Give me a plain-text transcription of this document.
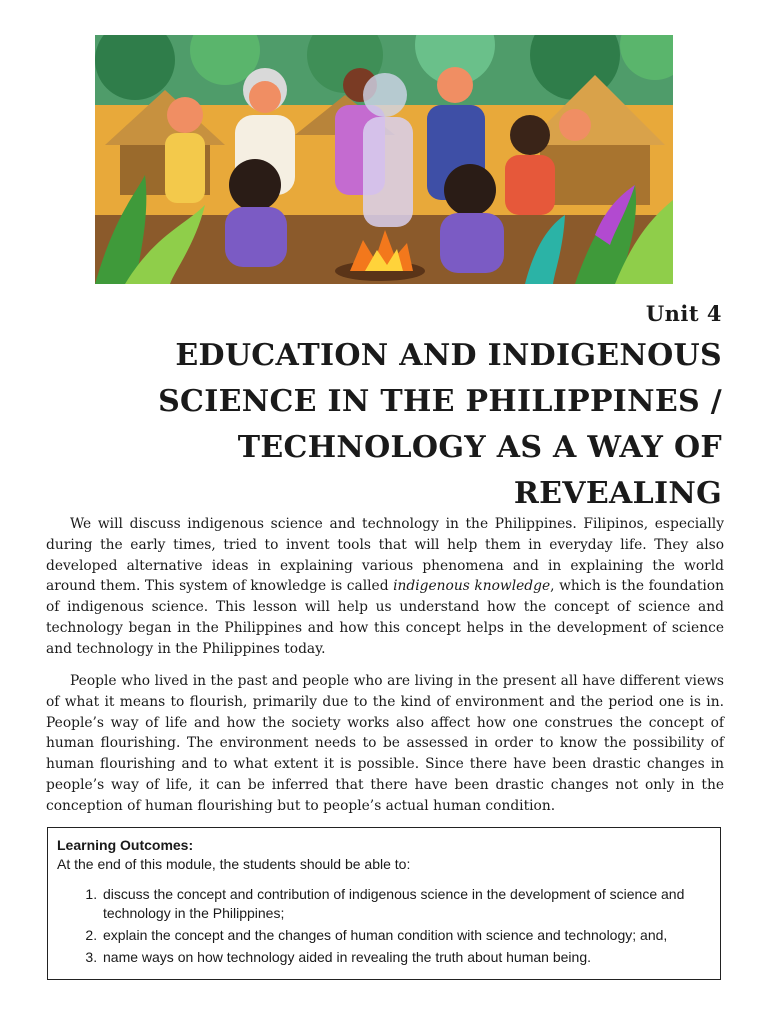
Unit 4
EDUCATION AND INDIGENOUS
SCIENCE IN THE PHILIPPINES /
TECHNOLOGY AS A WAY OF
REVEALING

We will discuss indigenous science and technology in the Philippines. Filipinos, especially during the early times, tried to invent tools that will help them in everyday life. They also developed alternative ideas in explaining various phenomena and in explaining the world around them. This system of knowledge is called indigenous knowledge, which is the foundation of indigenous science. This lesson will help us understand how the concept of science and technology began in the Philippines and how this concept helps in the development of science and technology in the Philippines today.

People who lived in the past and people who are living in the present all have different views of what it means to flourish, primarily due to the kind of environment and the period one is in. People’s way of life and how the society works also affect how one construes the concept of human flourishing. The environment needs to be assessed in order to know the possibility of human flourishing and to what extent it is possible. Since there have been drastic changes in people’s way of life, it can be inferred that there have been drastic changes not only in the conception of human flourishing but to people’s actual human condition.

Learning Outcomes:

At the end of this module, the students should be able to:

1. discuss the concept and contribution of indigenous science in the development of science and technology in the Philippines;
2. explain the concept and the changes of human condition with science and technology; and,
3. name ways on how technology aided in revealing the truth about human being.
